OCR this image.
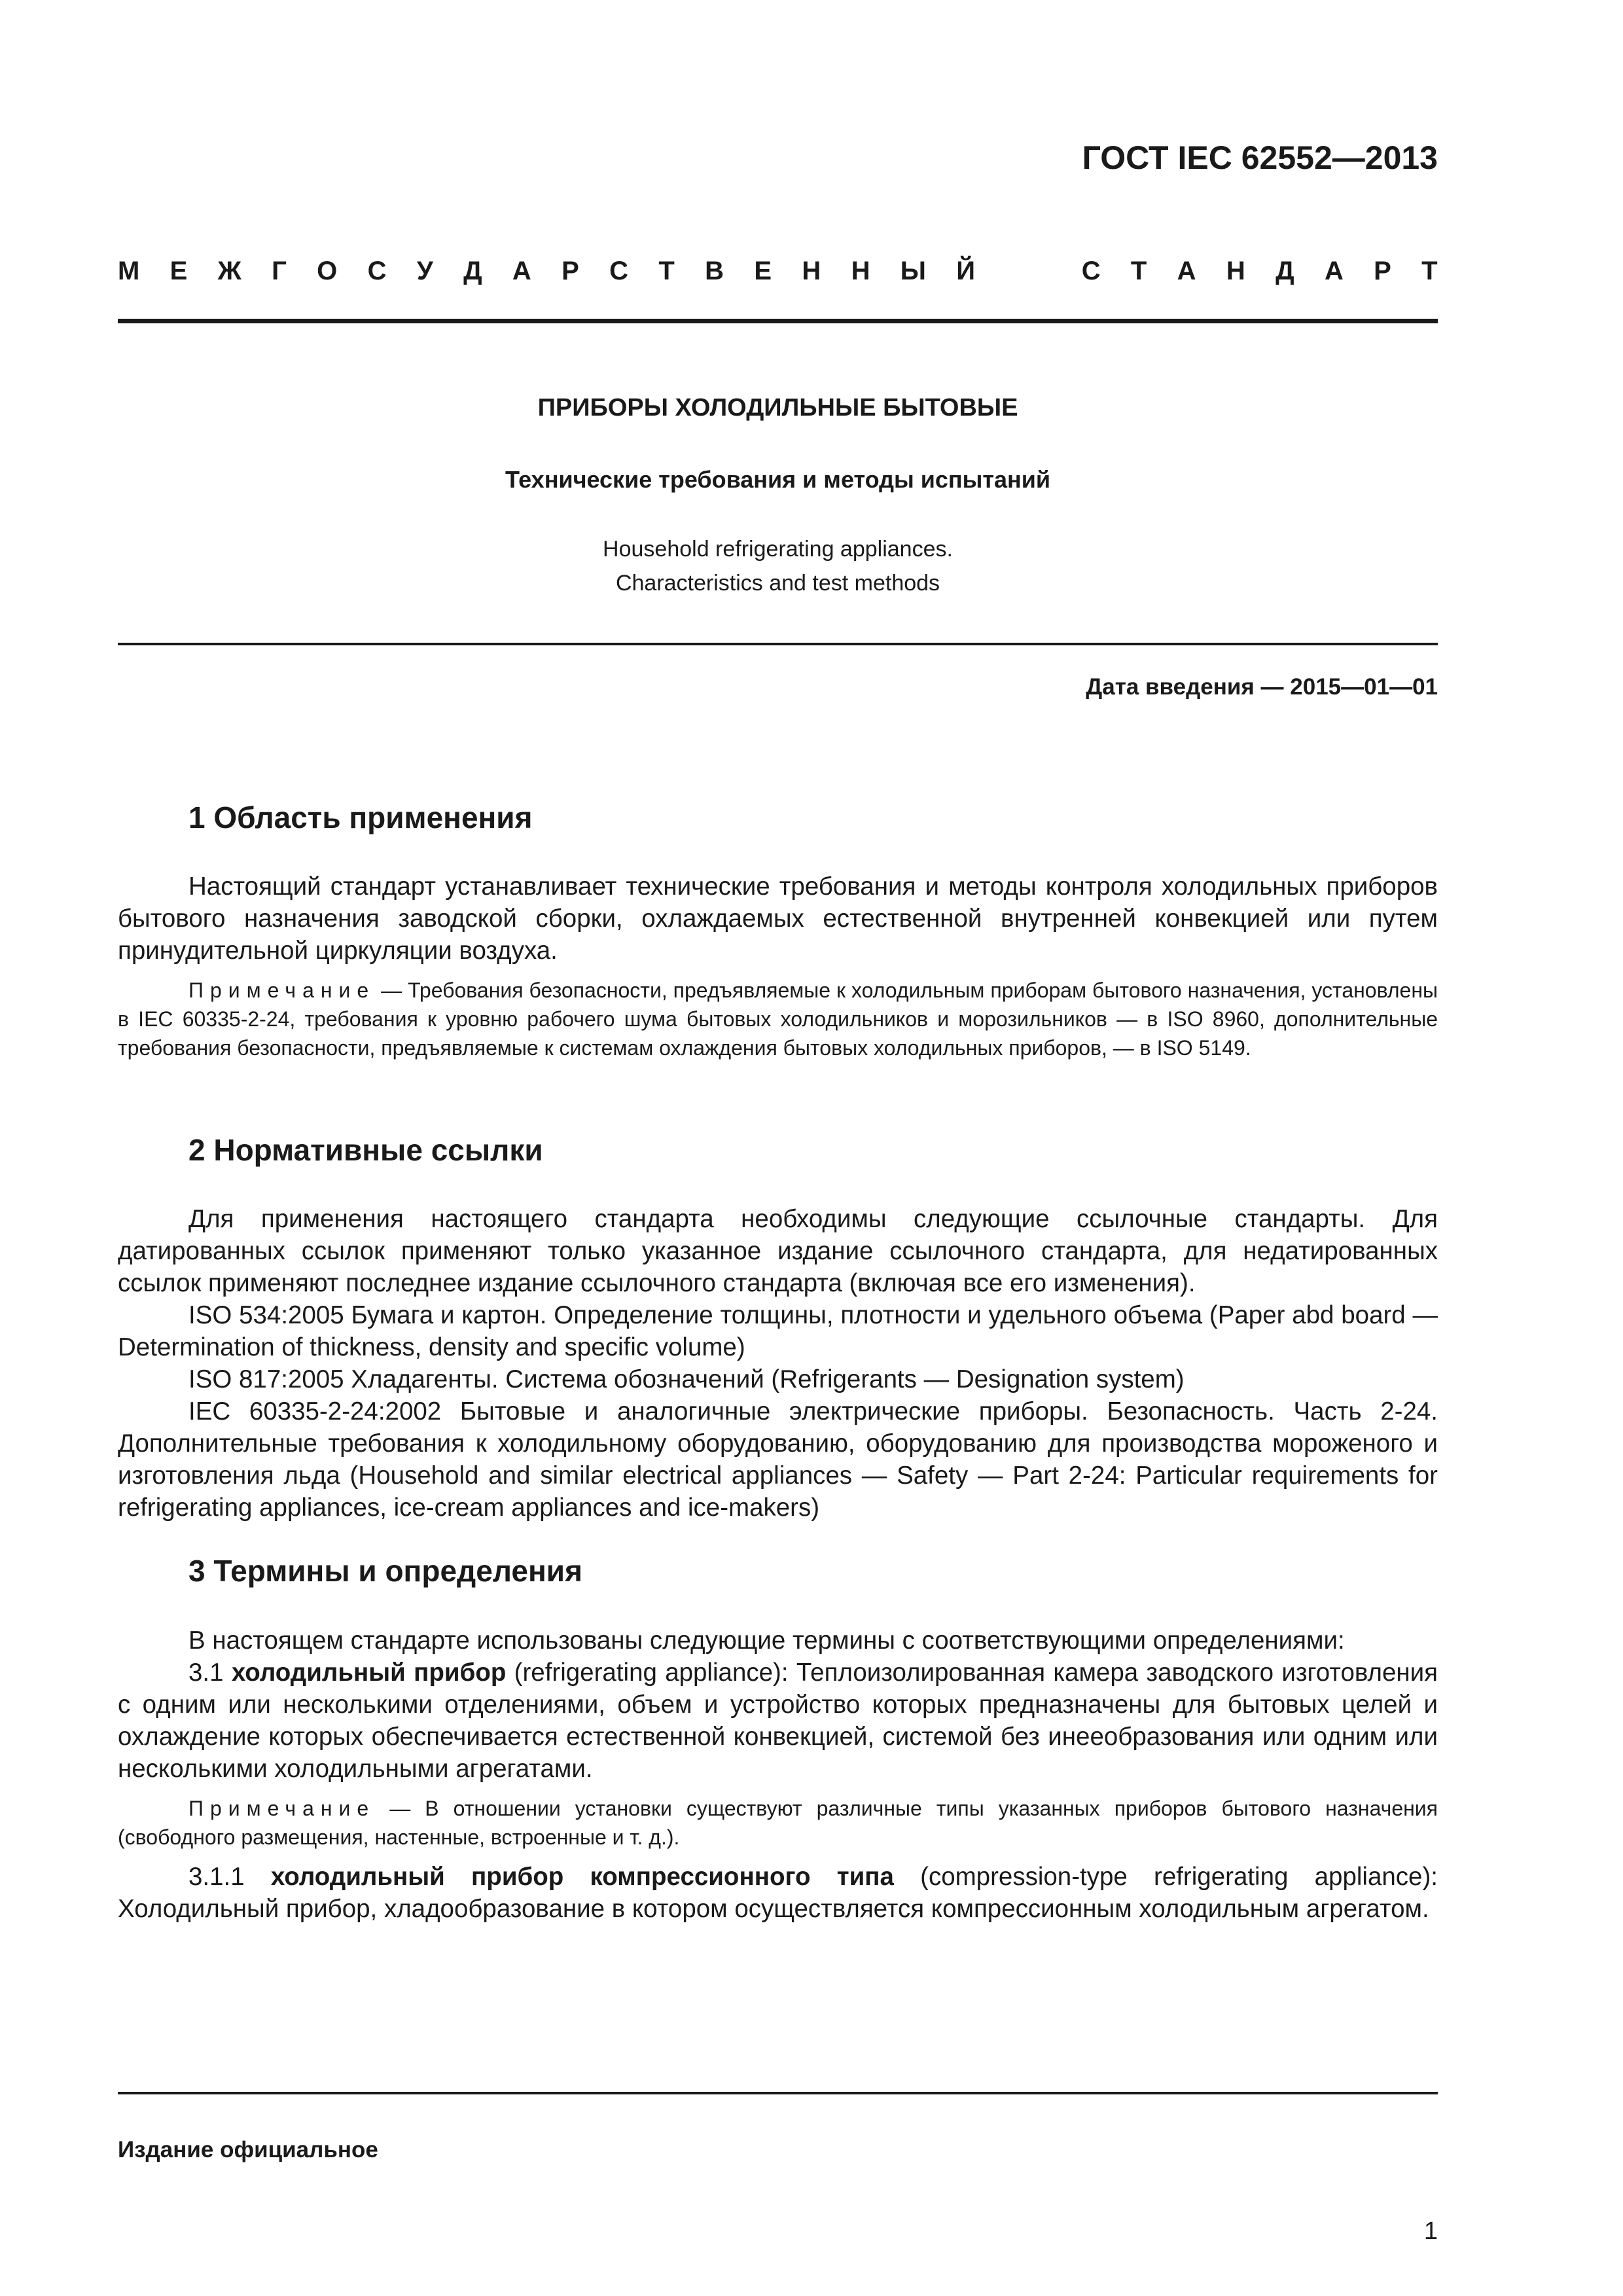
ГОСТ IEC 62552—2013
М Е Ж Г О С У Д А Р С Т В Е Н Н Ы Й	С Т А Н Д А Р Т
ПРИБОРЫ ХОЛОДИЛЬНЫЕ БЫТОВЫЕ
Технические требования и методы испытаний
Household refrigerating appliances.
Characteristics and test methods
Дата введения — 2015—01—01
1 Область применения

Настоящий стандарт устанавливает технические требования и методы контроля холодильных приборов бытового назначения заводской сборки, охлаждаемых естественной внутренней конвекцией или путем принудительной циркуляции воздуха.

Примечание — Требования безопасности, предъявляемые к холодильным приборам бытового назначения, установлены в IEC 60335-2-24, требования к уровню рабочего шума бытовых холодильников и морозильников — в ISO 8960, дополнительные требования безопасности, предъявляемые к системам охлаждения бытовых холодильных приборов, — в ISO 5149.

2 Нормативные ссылки

Для применения настоящего стандарта необходимы следующие ссылочные стандарты. Для датированных ссылок применяют только указанное издание ссылочного стандарта, для недатированных ссылок применяют последнее издание ссылочного стандарта (включая все его изменения).

ISO 534:2005 Бумага и картон. Определение толщины, плотности и удельного объема (Paper abd board — Determination of thickness, density and specific volume)

ISO 817:2005 Хладагенты. Система обозначений (Refrigerants — Designation system)

IEC 60335-2-24:2002 Бытовые и аналогичные электрические приборы. Безопасность. Часть 2-24. Дополнительные требования к холодильному оборудованию, оборудованию для производства мороженого и изготовления льда (Household and similar electrical appliances — Safety — Part 2-24: Particular requirements for refrigerating appliances, ice-cream appliances and ice-makers)

3 Термины и определения

В настоящем стандарте использованы следующие термины с соответствующими определениями:

3.1 холодильный прибор (refrigerating appliance): Теплоизолированная камера заводского изготовления с одним или несколькими отделениями, объем и устройство которых предназначены для бытовых целей и охлаждение которых обеспечивается естественной конвекцией, системой без инееобразования или одним или несколькими холодильными агрегатами.

Примечание — В отношении установки существуют различные типы указанных приборов бытового назначения (свободного размещения, настенные, встроенные и т. д.).

3.1.1 холодильный прибор компрессионного типа (compression-type refrigerating appliance): Холодильный прибор, хладообразование в котором осуществляется компрессионным холодильным агрегатом.

Издание официальное
1
